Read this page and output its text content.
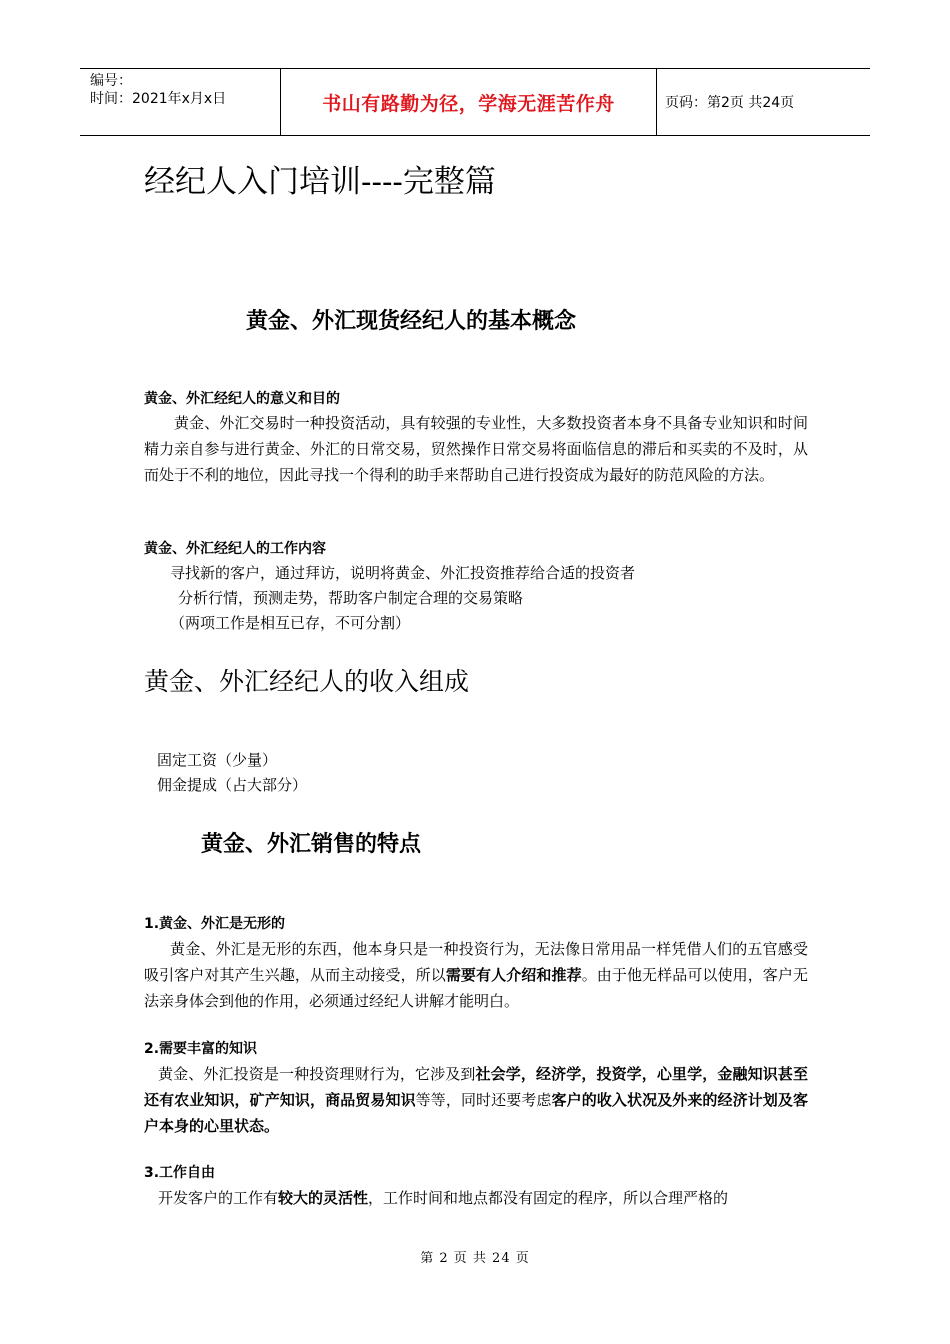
编号：
时间：2021年x月x日	书山有路勤为径，学海无涯苦作舟	页码：第2页 共24页
经纪人入门培训----完整篇
黄金、外汇现货经纪人的基本概念
黄金、外汇经纪人的意义和目的

黄金、外汇交易时一种投资活动，具有较强的专业性，大多数投资者本身不具备专业知识和时间精力亲自参与进行黄金、外汇的日常交易，贸然操作日常交易将面临信息的滞后和买卖的不及时，从而处于不利的地位，因此寻找一个得利的助手来帮助自己进行投资成为最好的防范风险的方法。

黄金、外汇经纪人的工作内容

寻找新的客户，通过拜访，说明将黄金、外汇投资推荐给合适的投资者

分析行情，预测走势，帮助客户制定合理的交易策略

（两项工作是相互已存，不可分割）

黄金、外汇经纪人的收入组成

固定工资（少量）

佣金提成（占大部分）

黄金、外汇销售的特点
1.黄金、外汇是无形的

黄金、外汇是无形的东西，他本身只是一种投资行为，无法像日常用品一样凭借人们的五官感受吸引客户对其产生兴趣，从而主动接受，所以需要有人介绍和推荐。由于他无样品可以使用，客户无法亲身体会到他的作用，必须通过经纪人讲解才能明白。

2.需要丰富的知识

黄金、外汇投资是一种投资理财行为，它涉及到社会学，经济学，投资学，心里学，金融知识甚至还有农业知识，矿产知识，商品贸易知识等等，同时还要考虑客户的收入状况及外来的经济计划及客户本身的心里状态。

3.工作自由

开发客户的工作有较大的灵活性，工作时间和地点都没有固定的程序，所以合理严格的

第 2 页 共 24 页
